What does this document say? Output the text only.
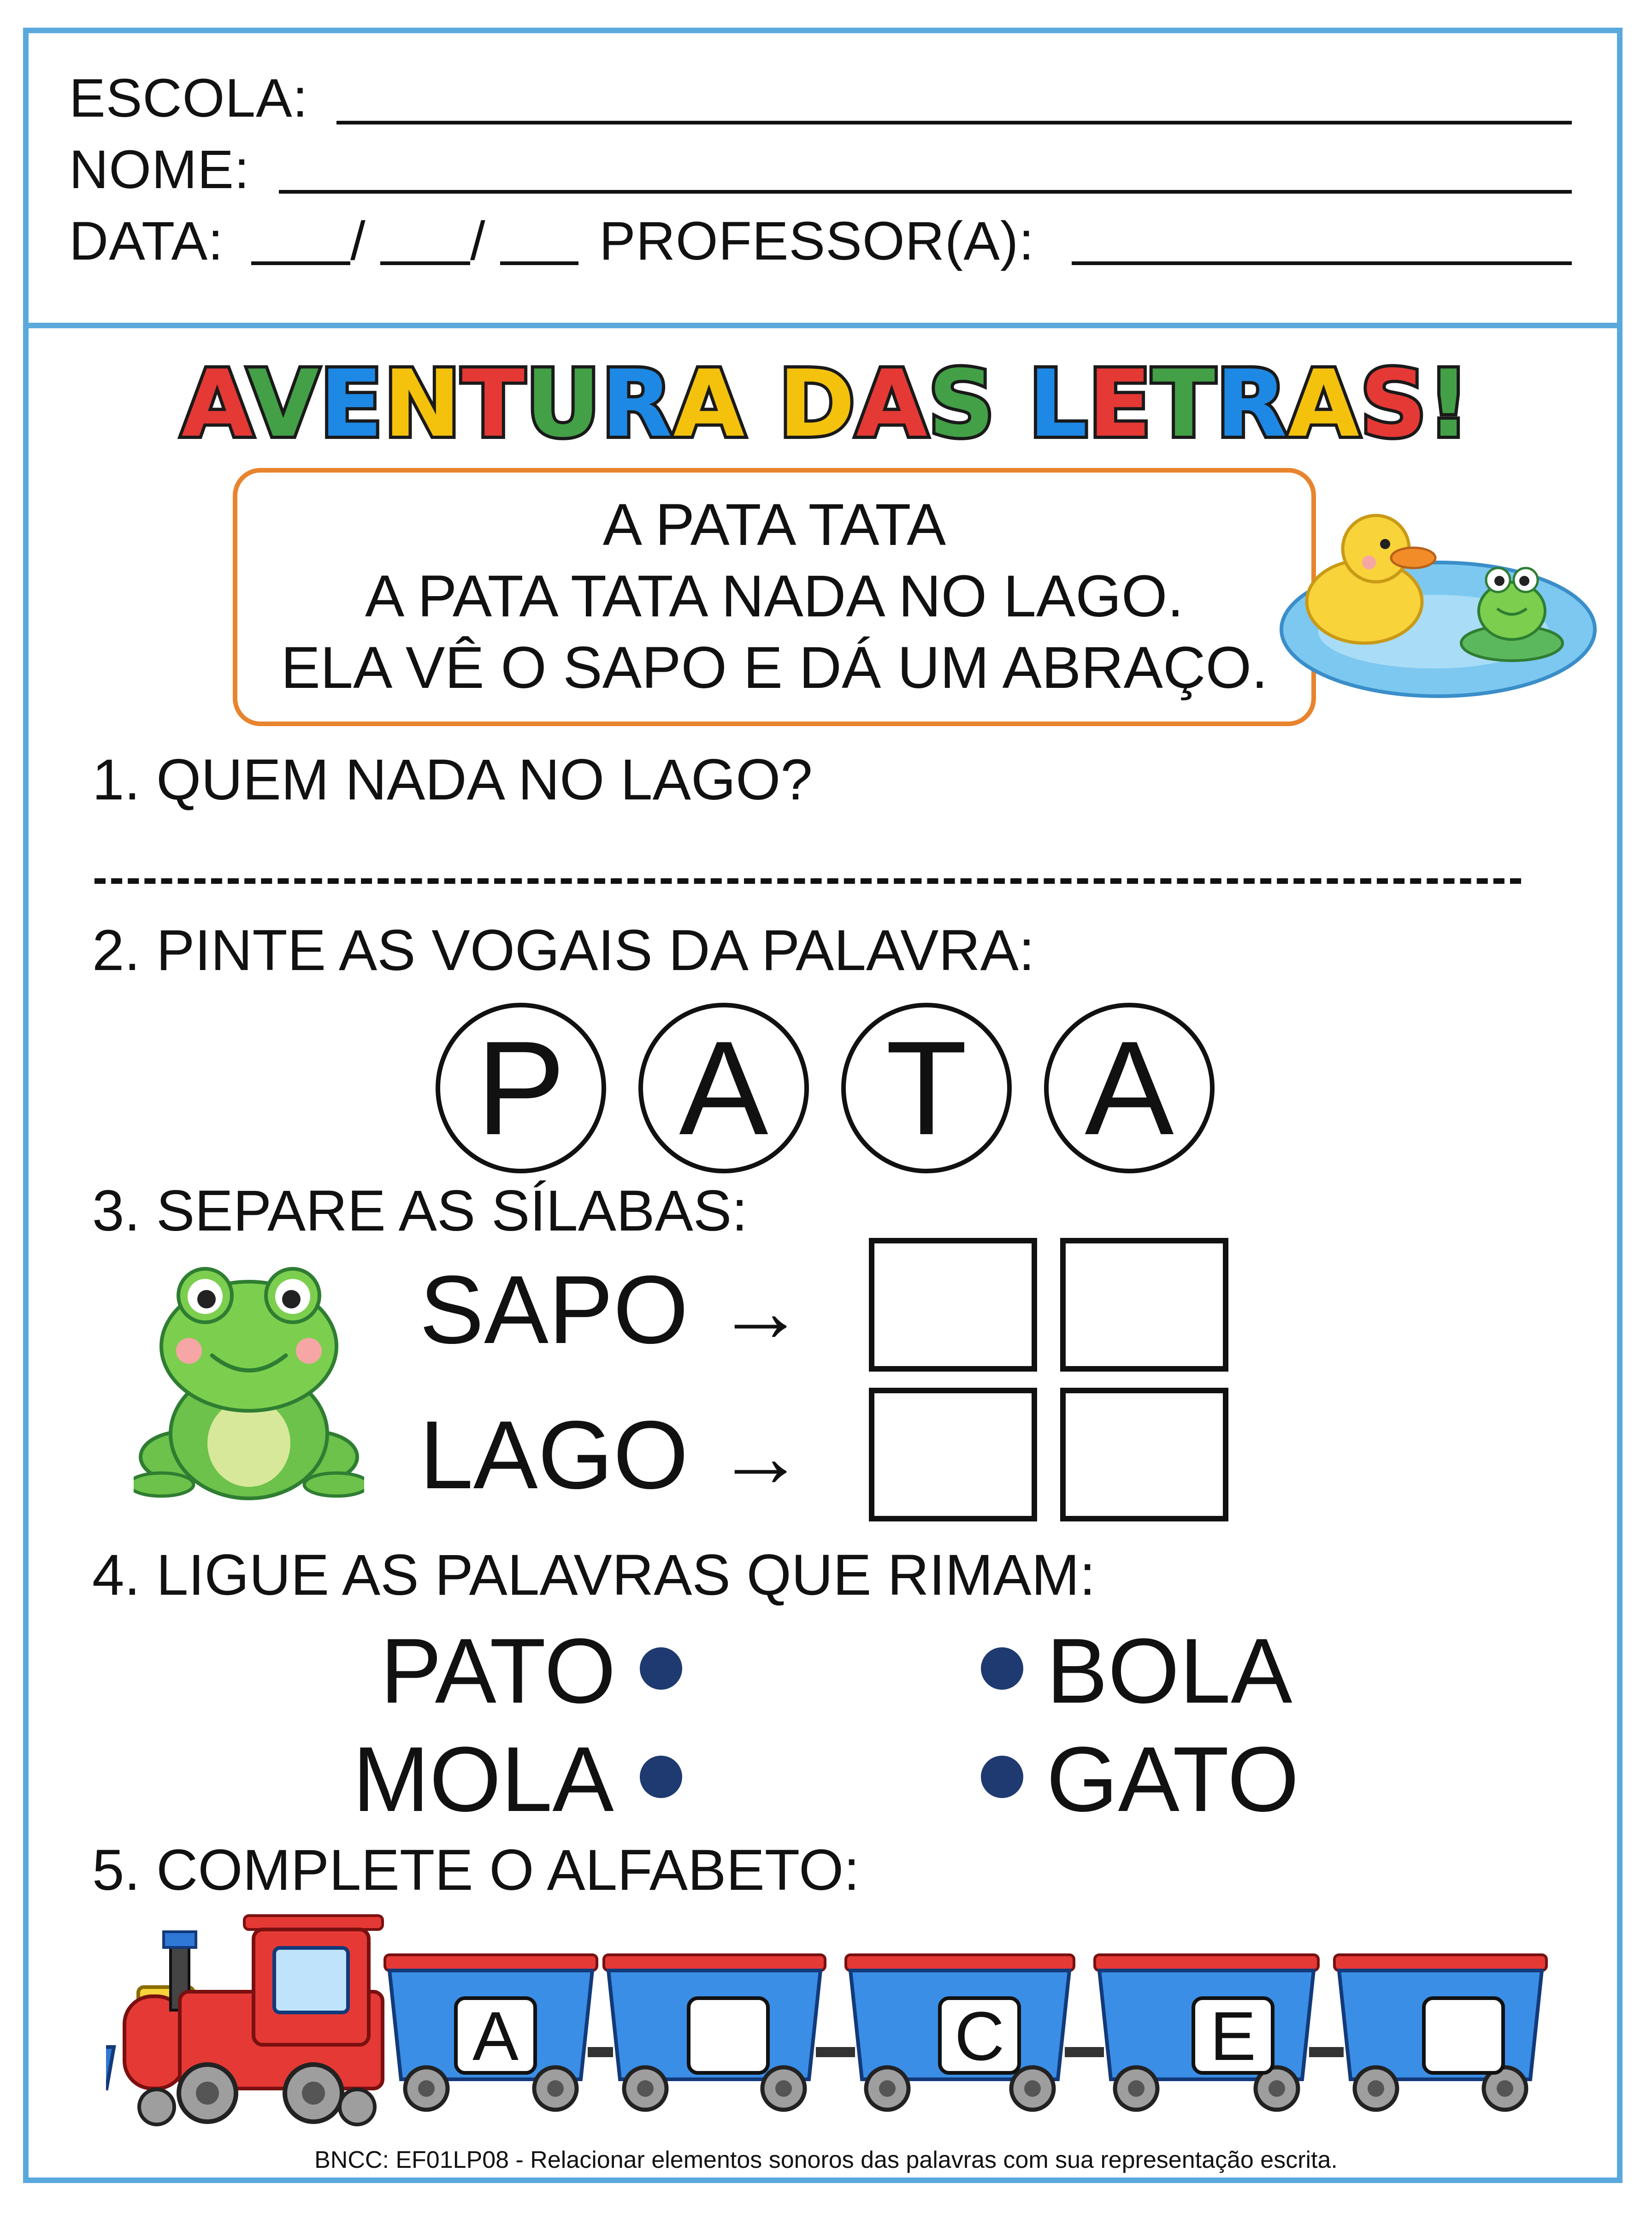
ESCOLA:
NOME:
DATA: / / PROFESSOR(A):
AVENTURA DAS LETRAS!
A PATA TATA
A PATA TATA NADA NO LAGO.
ELA VÊ O SAPO E DÁ UM ABRAÇO.
1. QUEM NADA NO LAGO?
2. PINTE AS VOGAIS DA PALAVRA:
P A T A
3. SEPARE AS SÍLABAS:
SAPO →
LAGO →
4. LIGUE AS PALAVRAS QUE RIMAM:
PATO	BOLA
MOLA	GATO
5. COMPLETE O ALFABETO:
A	C	E
BNCC: EF01LP08 - Relacionar elementos sonoros das palavras com sua representação escrita.
